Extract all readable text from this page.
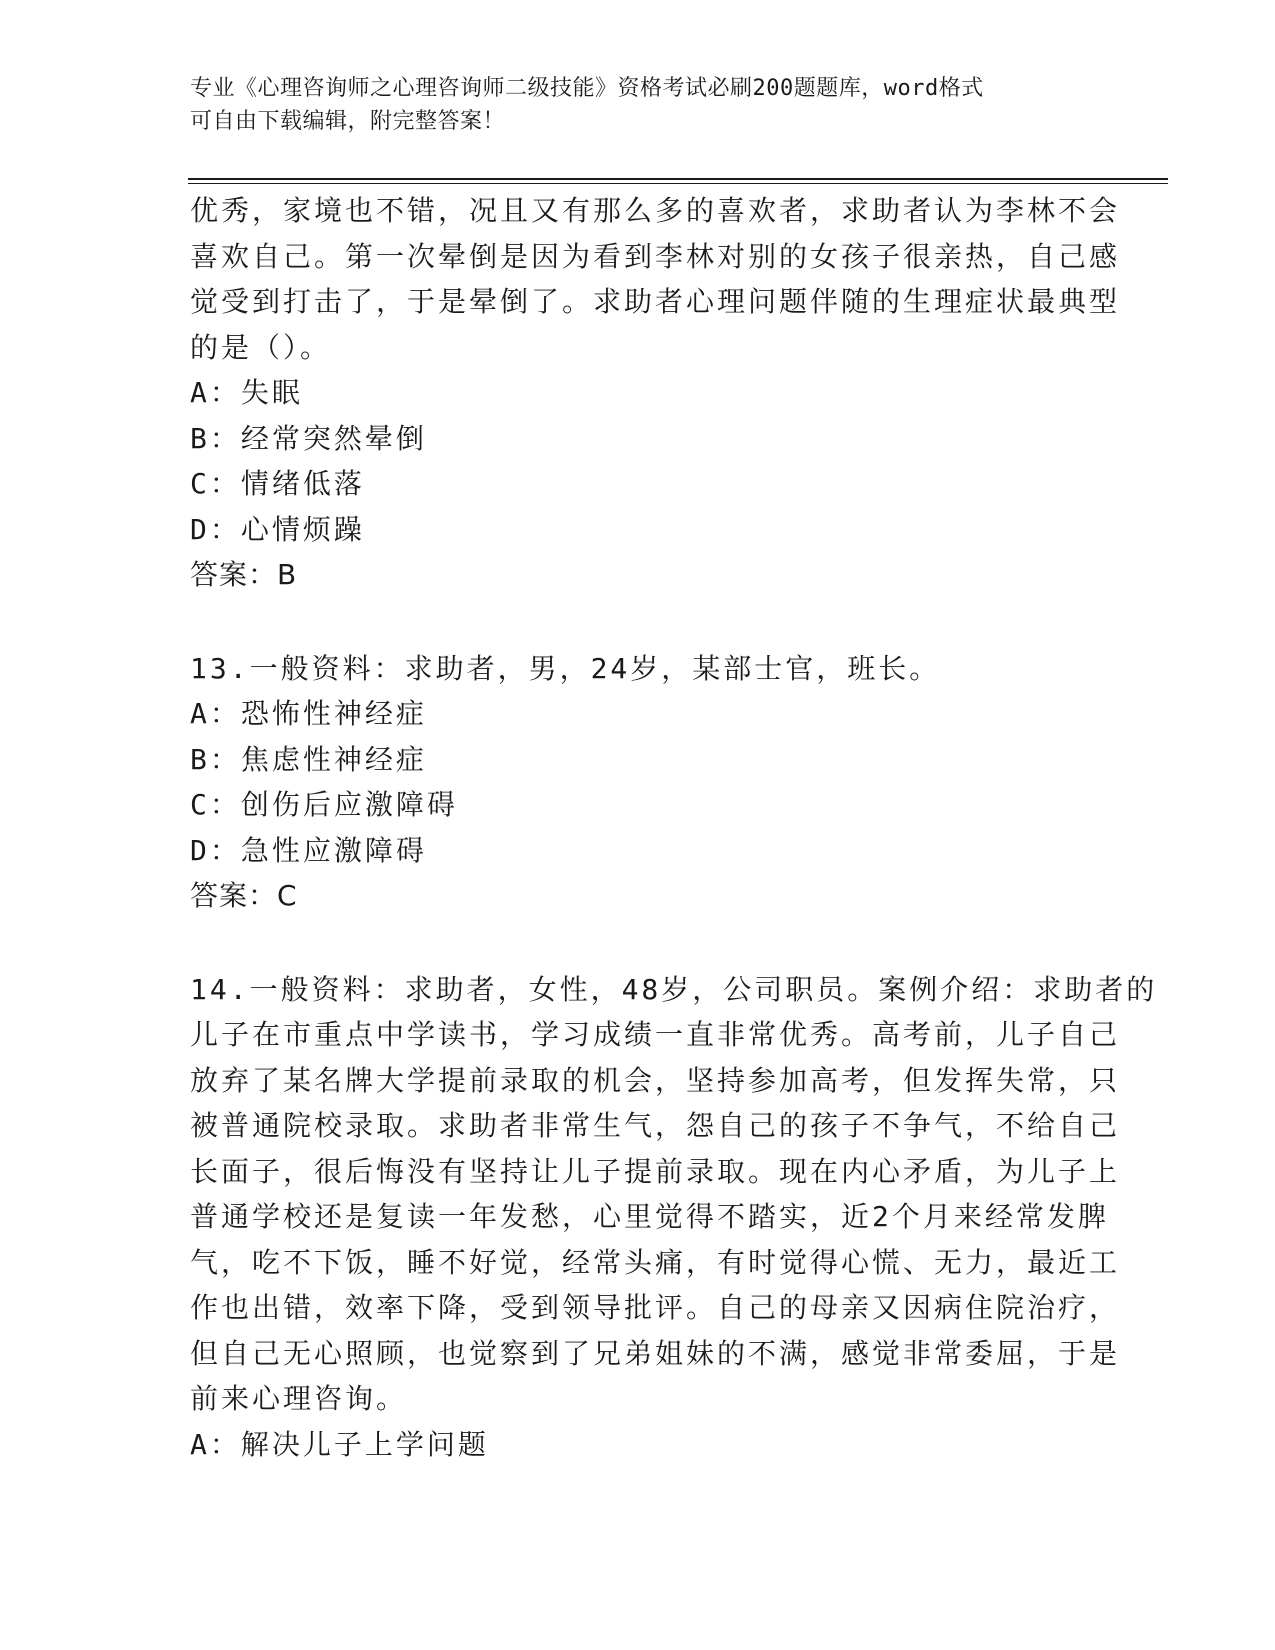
专业《心理咨询师之心理咨询师二级技能》资格考试必刷200题题库，word格式
可自由下载编辑，附完整答案！
优秀，家境也不错，况且又有那么多的喜欢者，求助者认为李林不会
喜欢自己。第一次晕倒是因为看到李林对别的女孩子很亲热，自己感
觉受到打击了，于是晕倒了。求助者心理问题伴随的生理症状最典型
的是（）。
A：失眠
B：经常突然晕倒
C：情绪低落
D：心情烦躁
答案：B
13.一般资料：求助者，男，24岁，某部士官，班长。
A：恐怖性神经症
B：焦虑性神经症
C：创伤后应激障碍
D：急性应激障碍
答案：C
14.一般资料：求助者，女性，48岁，公司职员。案例介绍：求助者的
儿子在市重点中学读书，学习成绩一直非常优秀。高考前，儿子自己
放弃了某名牌大学提前录取的机会，坚持参加高考，但发挥失常，只
被普通院校录取。求助者非常生气，怨自己的孩子不争气，不给自己
长面子，很后悔没有坚持让儿子提前录取。现在内心矛盾，为儿子上
普通学校还是复读一年发愁，心里觉得不踏实，近2个月来经常发脾
气，吃不下饭，睡不好觉，经常头痛，有时觉得心慌、无力，最近工
作也出错，效率下降，受到领导批评。自己的母亲又因病住院治疗，
但自己无心照顾，也觉察到了兄弟姐妹的不满，感觉非常委屈，于是
前来心理咨询。
A：解决儿子上学问题
